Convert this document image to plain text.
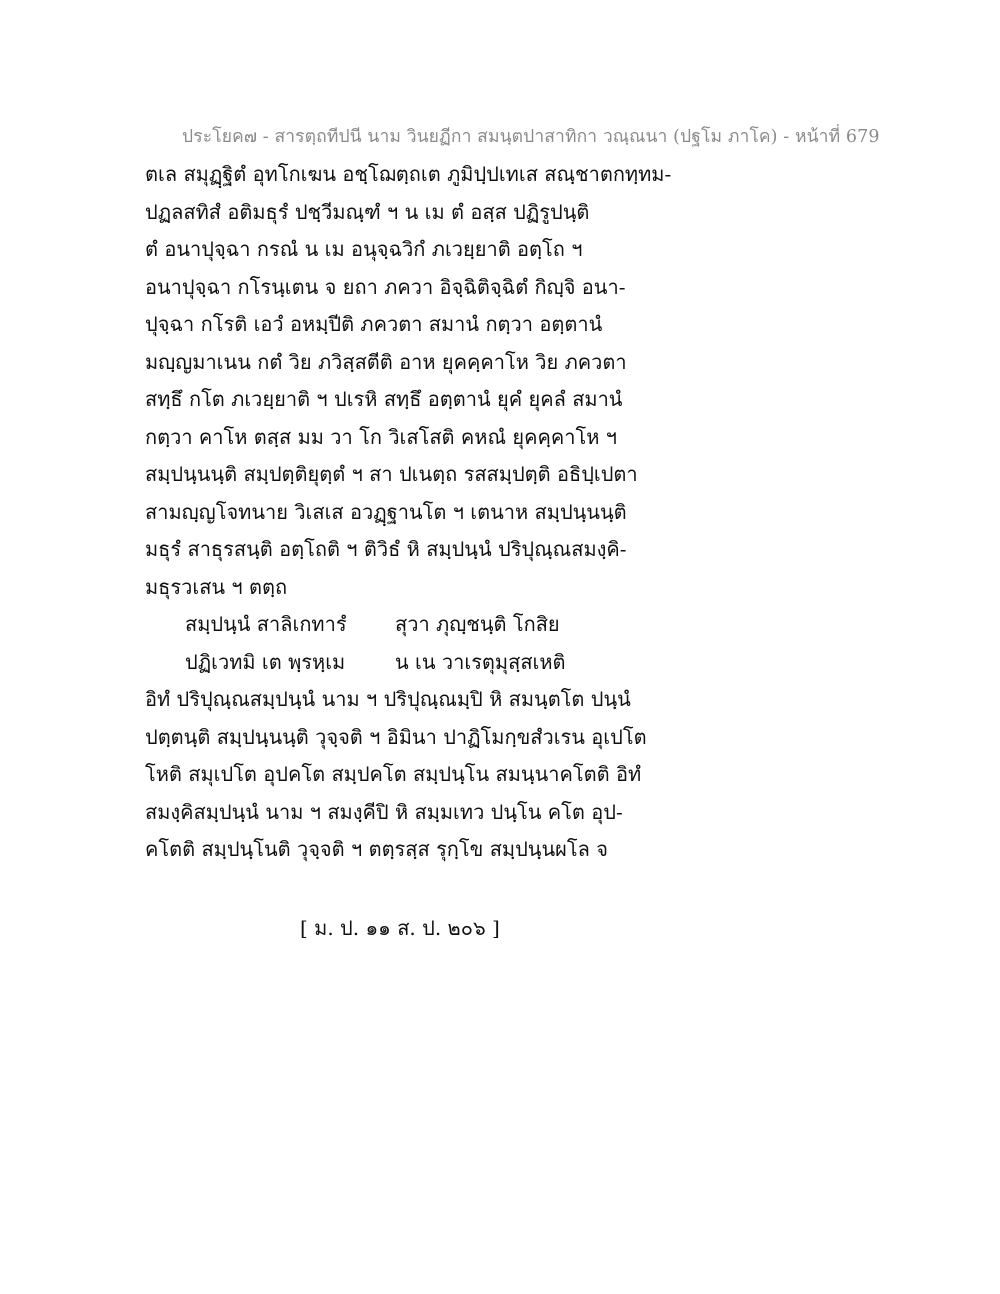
ประโยค๗ - สารตฺถทีปนี นาม วินยฏีกา สมนฺตปาสาทิกา วณฺณนา (ปฐโม ภาโค) - หน้าที่ 679
ตเล สมุฏฺฐิตํ อุทโกเฆน อชฺโฌตฺถเต ภูมิปฺปเทเส สณฺชาตกทฺทม-
ปฏลสทิสํ อติมธุรํ ปชฺวีมณฺฑํ ฯ น เม ตํ อสฺส ปฏิรูปนฺติ
ตํ อนาปุจฺฉา กรณํ น เม อนุจฺฉวิกํ ภเวยฺยาติ อตฺโถ ฯ
อนาปุจฺฉา กโรนฺเตน จ ยถา ภควา อิจฺฉิติจฺฉิตํ กิญฺจิ อนา-
ปุจฺฉา กโรติ เอวํ อหมฺปีติ ภควตา สมานํ กตฺวา อตฺตานํ
มญฺญมาเนน กตํ วิย ภวิสฺสตีติ อาห ยุคคฺคาโห วิย ภควตา
สทฺธึ กโต ภเวยฺยาติ ฯ ปเรหิ สทฺธึ อตฺตานํ ยุคํ ยุคลํ สมานํ
กตฺวา คาโห ตสฺส มม วา โก วิเสโสติ คหณํ ยุคคฺคาโห ฯ
สมฺปนฺนนฺติ สมฺปตฺติยุตฺตํ ฯ สา ปเนตฺถ รสสมฺปตฺติ อธิปฺเปตา
สามญฺญโจทนาย วิเสเส อวฏฺฐานโต ฯ เตนาห สมฺปนฺนนฺติ
มธุรํ สาธุรสนฺติ อตฺโถติ ฯ ติวิธํ หิ สมฺปนฺนํ ปริปุณฺณสมงฺคิ-
มธุรวเสน ฯ ตตฺถ
สมฺปนฺนํ สาลิเกทารํ	สุวา ภุญฺชนฺติ โกสิย
ปฏิเวทมิ เต พฺรหฺเม	น เน วาเรตุมุสฺสเหติ
อิทํ ปริปุณฺณสมฺปนฺนํ นาม ฯ ปริปุณฺณมฺปิ หิ สมนฺตโต ปนฺนํ
ปตฺตนฺติ สมฺปนฺนนฺติ วุจฺจติ ฯ อิมินา ปาฏิโมกฺขสํวเรน อุเปโต
โหติ สมุเปโต อุปคโต สมฺปคโต สมฺปนฺโน สมนฺนาคโตติ อิทํ
สมงฺคิสมฺปนฺนํ นาม ฯ สมงฺคีปิ หิ สมฺมเทว ปนฺโน คโต อุป-
คโตติ สมฺปนฺโนติ วุจฺจติ ฯ ตตฺรสฺส รุกฺโข สมฺปนฺนผโล จ
[ ม. ป. ๑๑ ส. ป. ๒๐๖ ]
